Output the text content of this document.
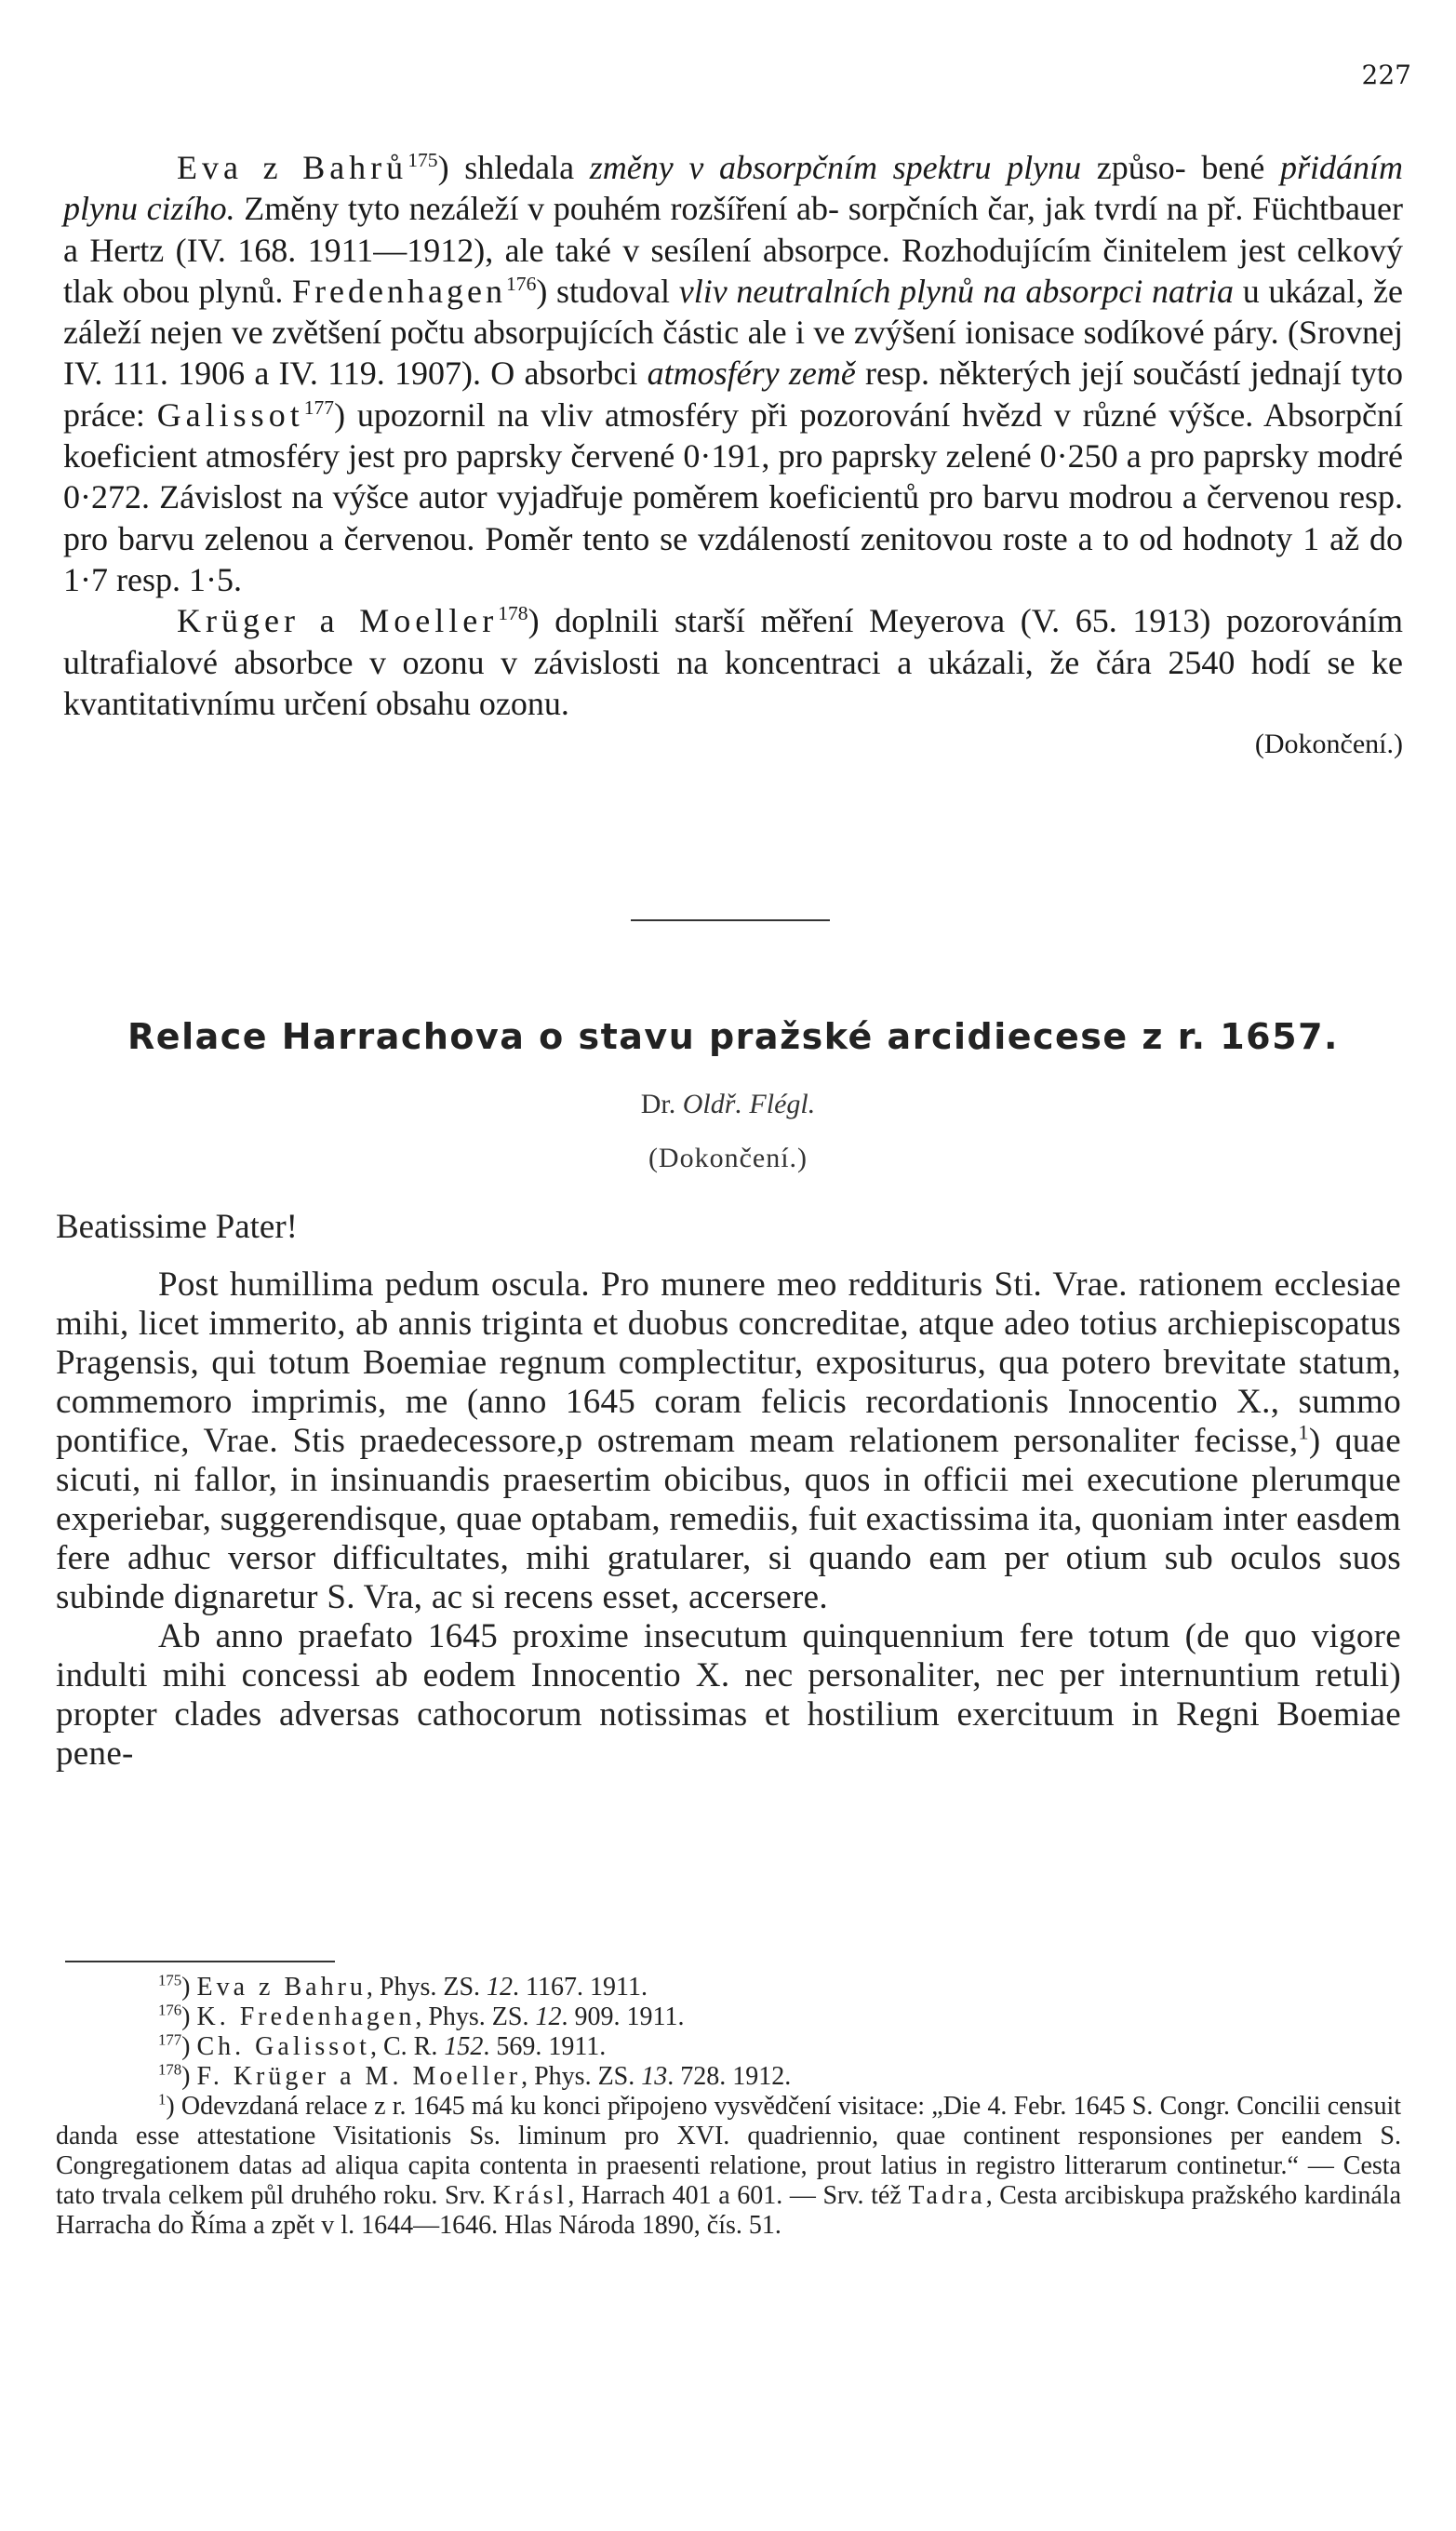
227

Eva z Bahrů$^{175}$) shledala změny v absorpčním spektru plynu způso- bené přidáním plynu cizího. Změny tyto nezáleží v pouhém rozšíření ab- sorpčních čar, jak tvrdí na př. Füchtbauer a Hertz (IV. 168. 1911—1912), ale také v sesílení absorpce. Rozhodujícím činitelem jest celkový tlak obou plynů. Fredenhagen$^{176}$) studoval vliv neutralních plynů na absorpci natria u ukázal, že záleží nejen ve zvětšení počtu absorpujících částic ale i ve zvýšení ionisace sodíkové páry. (Srovnej IV. 111. 1906 a IV. 119. 1907). O absorbci atmosféry země resp. některých její součástí jednají tyto práce: Galissot$^{177}$) upozornil na vliv atmosféry při pozorování hvězd v různé výšce. Absorpční koeficient atmosféry jest pro paprsky červené 0·191, pro paprsky zelené 0·250 a pro paprsky modré 0·272. Závislost na výšce autor vyjadřuje poměrem koeficientů pro barvu modrou a červenou resp. pro barvu zelenou a červenou. Poměr tento se vzdáleností zenitovou roste a to od hodnoty 1 až do 1·7 resp. 1·5.

Krüger a Moeller$^{178}$) doplnili starší měření Meyerova (V. 65. 1913) pozorováním ultrafialové absorbce v ozonu v závislosti na koncentraci a ukázali, že čára 2540 hodí se ke kvantitativnímu určení obsahu ozonu.

(Dokončení.)

Relace Harrachova o stavu pražské arcidiecese z r. 1657.
Dr. Oldř. Flégl.
(Dokončení.)

Beatissime Pater!

Post humillima pedum oscula. Pro munere meo reddituris Sti. Vrae. rationem ecclesiae mihi, licet immerito, ab annis triginta et duobus concreditae, atque adeo totius archiepiscopatus Pragensis, qui totum Boemiae regnum complectitur, expositurus, qua potero brevitate statum, commemoro imprimis, me (anno 1645 coram felicis recordationis Innocentio X., summo pontifice, Vrae. Stis praedecessore,p ostremam meam relationem personaliter fecisse,$^1$) quae sicuti, ni fallor, in insinuandis praesertim obicibus, quos in officii mei executione plerumque experiebar, suggerendisque, quae optabam, remediis, fuit exactissima ita, quoniam inter easdem fere adhuc versor difficultates, mihi gratularer, si quando eam per otium sub oculos suos subinde dignaretur S. Vra, ac si recens esset, accersere.

Ab anno praefato 1645 proxime insecutum quinquennium fere totum (de quo vigore indulti mihi concessi ab eodem Innocentio X. nec personaliter, nec per internuntium retuli) propter clades adversas cathocorum notissimas et hostilium exercituum in Regni Boemiae pene-

$^{175}$) Eva z Bahru, Phys. ZS. 12. 1167. 1911.

$^{176}$) K. Fredenhagen, Phys. ZS. 12. 909. 1911.

$^{177}$) Ch. Galissot, C. R. 152. 569. 1911.

$^{178}$) F. Krüger a M. Moeller, Phys. ZS. 13. 728. 1912.

$^1$) Odevzdaná relace z r. 1645 má ku konci připojeno vysvědčení visitace: „Die 4. Febr. 1645 S. Congr. Concilii censuit danda esse attestatione Visitationis Ss. liminum pro XVI. quadriennio, quae continent responsiones per eandem S. Congregationem datas ad aliqua capita contenta in praesenti relatione, prout latius in registro litterarum continetur.“ — Cesta tato trvala celkem půl druhého roku. Srv. Krásl, Harrach 401 a 601. — Srv. též Tadra, Cesta arcibiskupa pražského kardinála Harracha do Říma a zpět v l. 1644—1646. Hlas Národa 1890, čís. 51.
